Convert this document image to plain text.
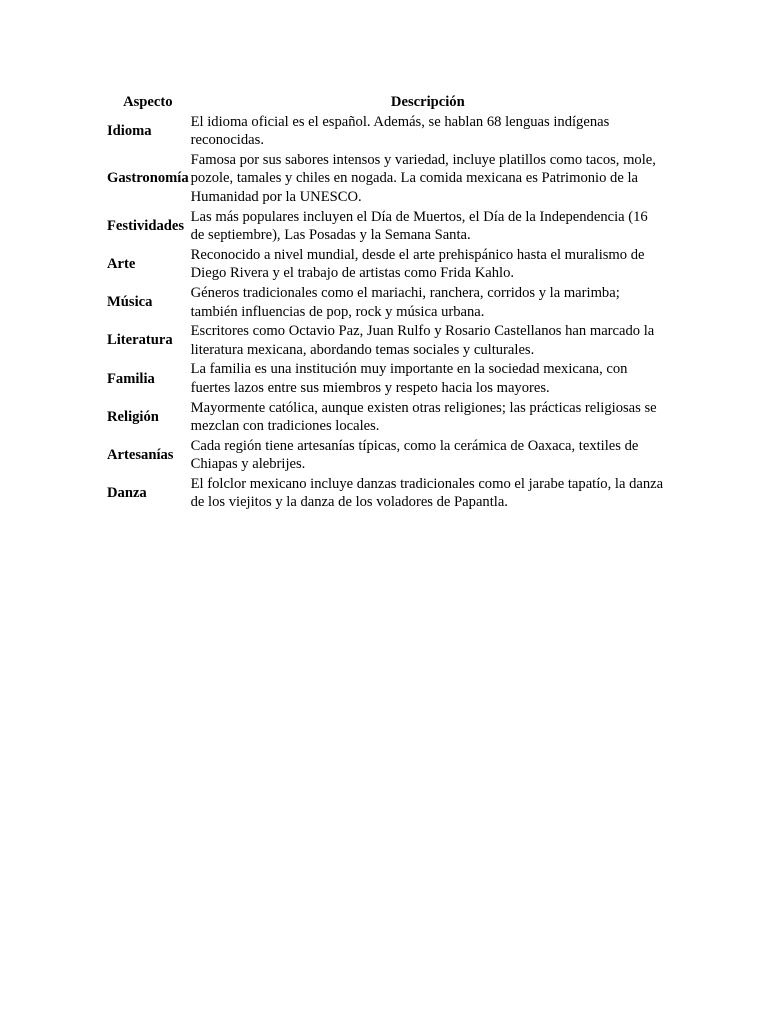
Aspecto	Descripción
Idioma	El idioma oficial es el español. Además, se hablan 68 lenguas indígenas reconocidas.
Gastronomía	Famosa por sus sabores intensos y variedad, incluye platillos como tacos, mole, pozole, tamales y chiles en nogada. La comida mexicana es Patrimonio de la Humanidad por la UNESCO.
Festividades	Las más populares incluyen el Día de Muertos, el Día de la Independencia (16 de septiembre), Las Posadas y la Semana Santa.
Arte	Reconocido a nivel mundial, desde el arte prehispánico hasta el muralismo de Diego Rivera y el trabajo de artistas como Frida Kahlo.
Música	Géneros tradicionales como el mariachi, ranchera, corridos y la marimba; también influencias de pop, rock y música urbana.
Literatura	Escritores como Octavio Paz, Juan Rulfo y Rosario Castellanos han marcado la literatura mexicana, abordando temas sociales y culturales.
Familia	La familia es una institución muy importante en la sociedad mexicana, con fuertes lazos entre sus miembros y respeto hacia los mayores.
Religión	Mayormente católica, aunque existen otras religiones; las prácticas religiosas se mezclan con tradiciones locales.
Artesanías	Cada región tiene artesanías típicas, como la cerámica de Oaxaca, textiles de Chiapas y alebrijes.
Danza	El folclor mexicano incluye danzas tradicionales como el jarabe tapatío, la danza de los viejitos y la danza de los voladores de Papantla.
